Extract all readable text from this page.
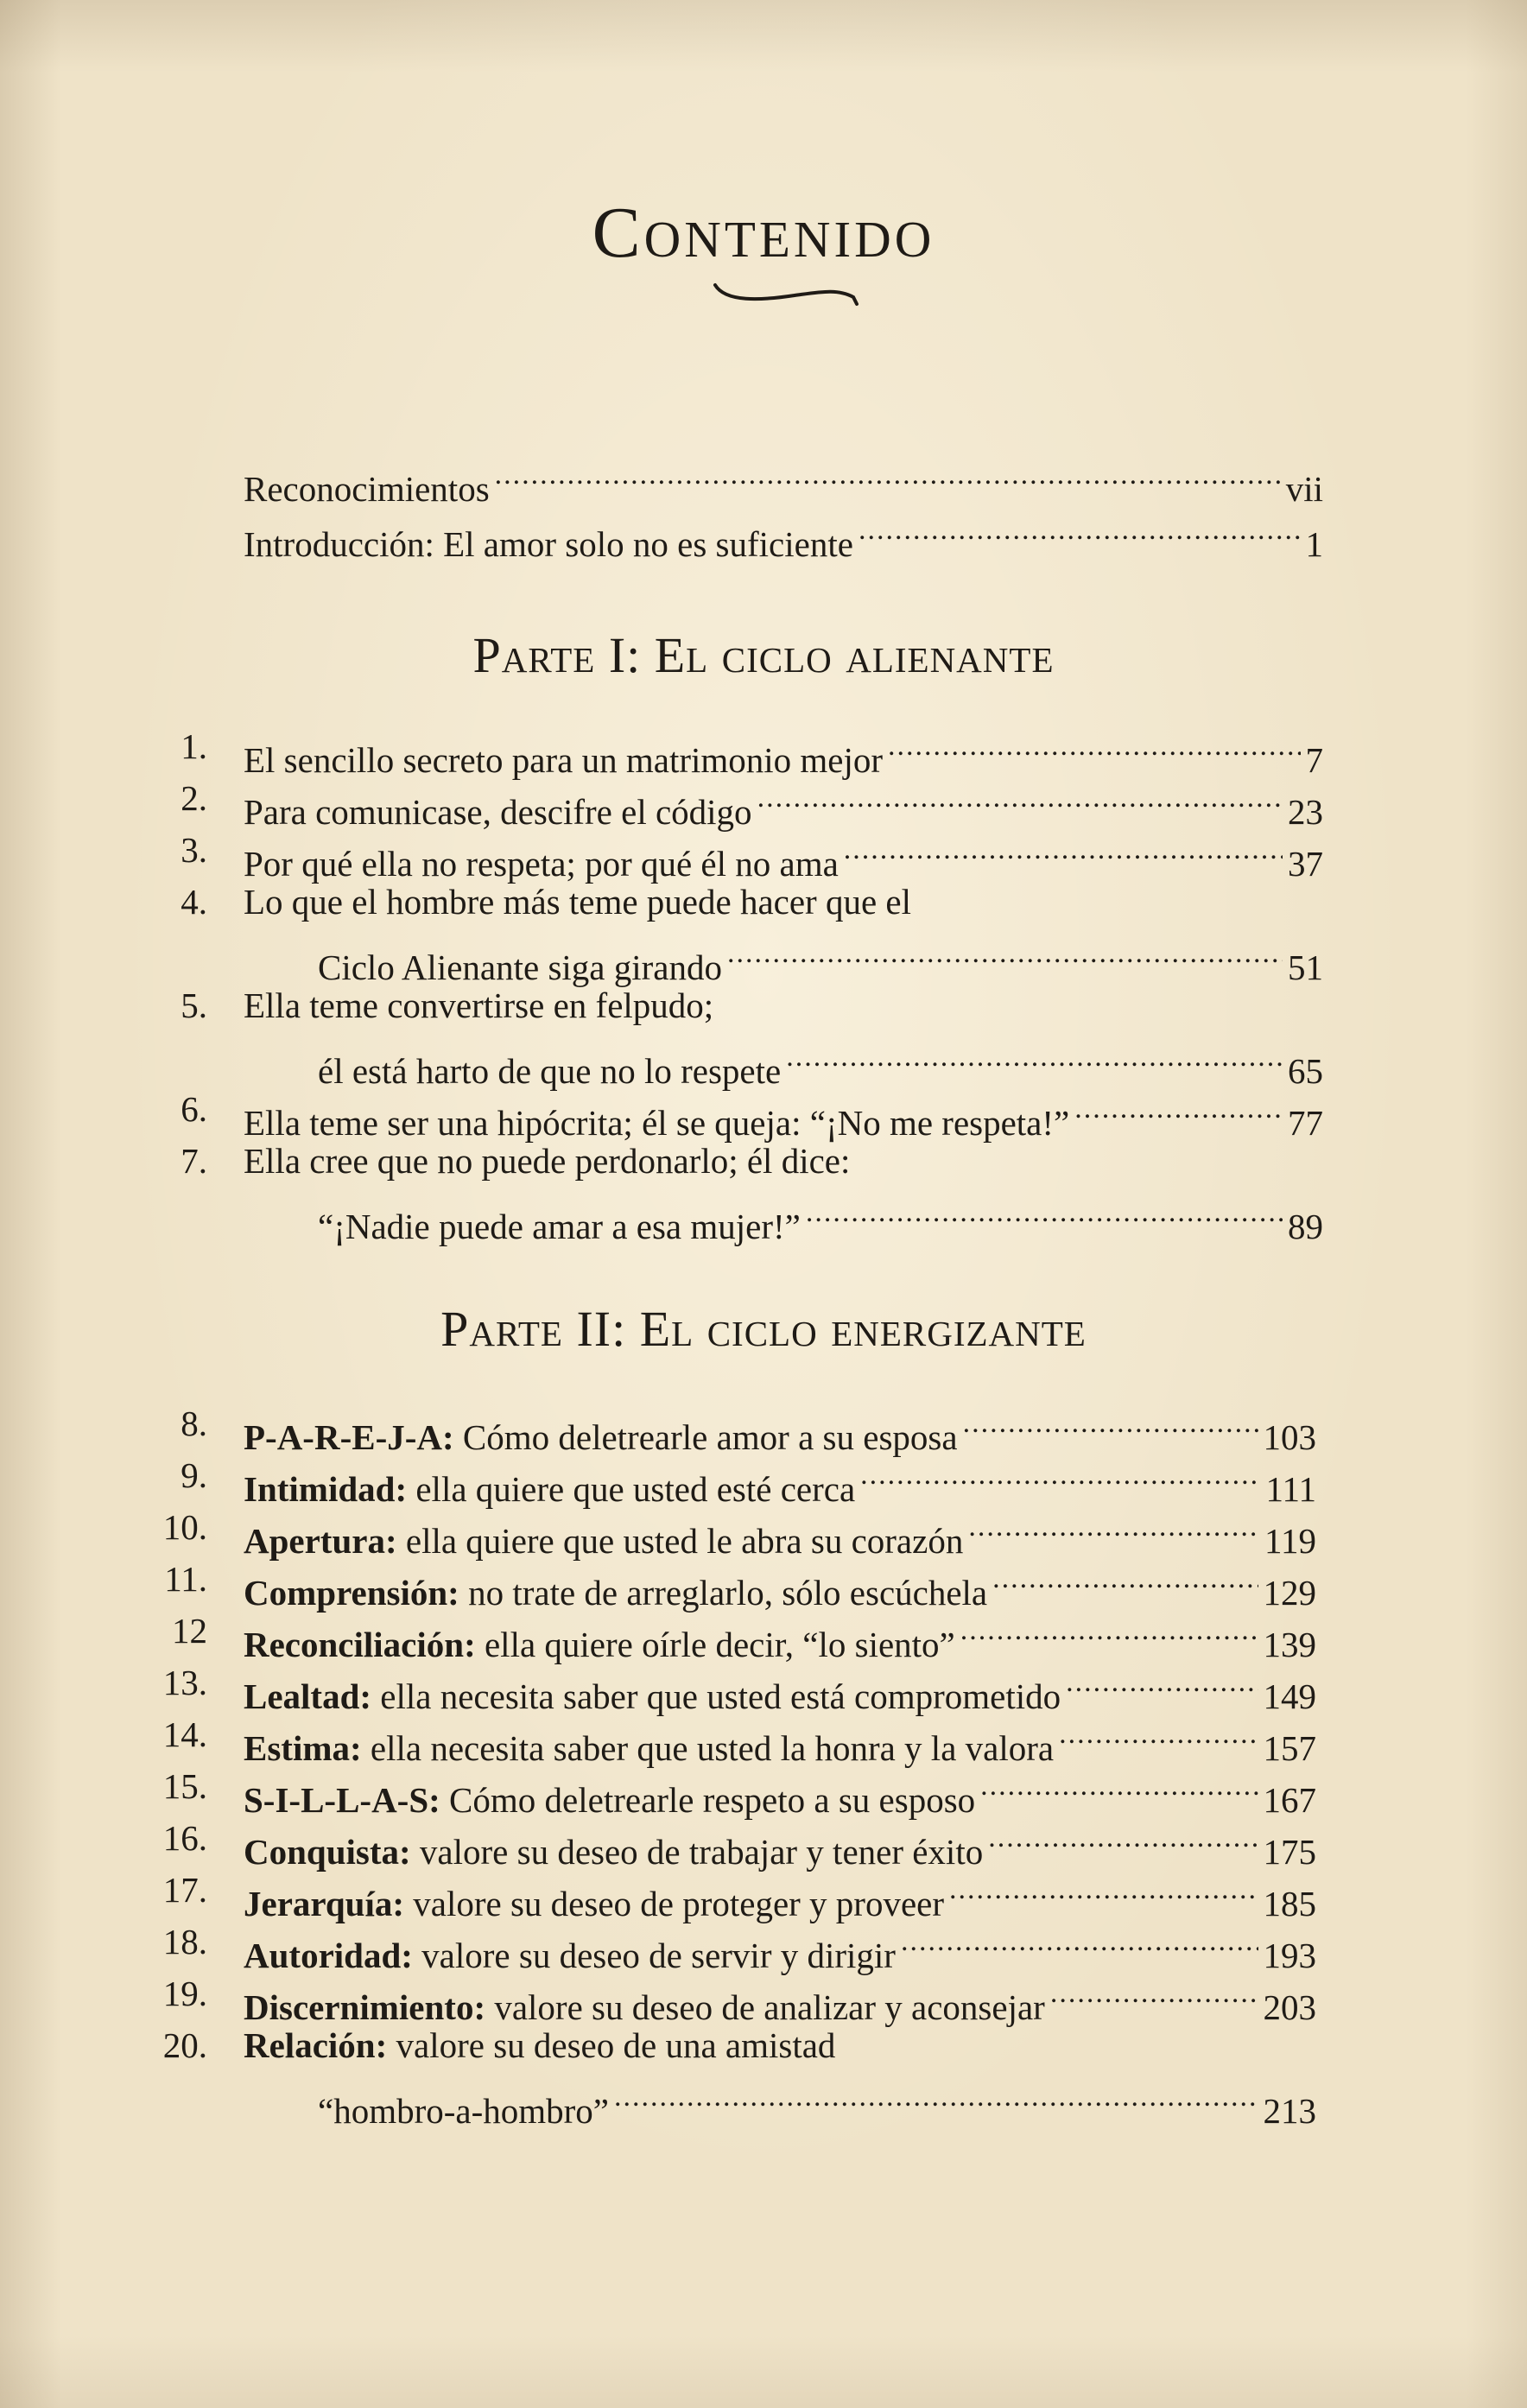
Contenido
Reconocimientos .....	vii
Introducción: El amor solo no es suficiente .....	1
Parte I: El ciclo alienante
1. El sencillo secreto para un matrimonio mejor .....	7
2. Para comunicase, descifre el código .....	23
3. Por qué ella no respeta; por qué él no ama .....	37
4. Lo que el hombre más teme puede hacer que el
Ciclo Alienante siga girando .....	51
5. Ella teme convertirse en felpudo;
él está harto de que no lo respete .....	65
6. Ella teme ser una hipócrita; él se queja: “¡No me respeta!” .....	77
7. Ella cree que no puede perdonarlo; él dice:
“¡Nadie puede amar a esa mujer!” .....	89
Parte II: El ciclo energizante
8. P-A-R-E-J-A: Cómo deletrearle amor a su esposa .....	103
9. Intimidad: ella quiere que usted esté cerca .....	111
10. Apertura: ella quiere que usted le abra su corazón .....	119
11. Comprensión: no trate de arreglarlo, sólo escúchela .....	129
12 Reconciliación: ella quiere oírle decir, “lo siento” .....	139
13. Lealtad: ella necesita saber que usted está comprometido .....	149
14. Estima: ella necesita saber que usted la honra y la valora .....	157
15. S-I-L-L-A-S: Cómo deletrearle respeto a su esposo .....	167
16. Conquista: valore su deseo de trabajar y tener éxito .....	175
17. Jerarquía: valore su deseo de proteger y proveer .....	185
18. Autoridad: valore su deseo de servir y dirigir .....	193
19. Discernimiento: valore su deseo de analizar y aconsejar .....	203
20. Relación: valore su deseo de una amistad
“hombro-a-hombro” .....	213
